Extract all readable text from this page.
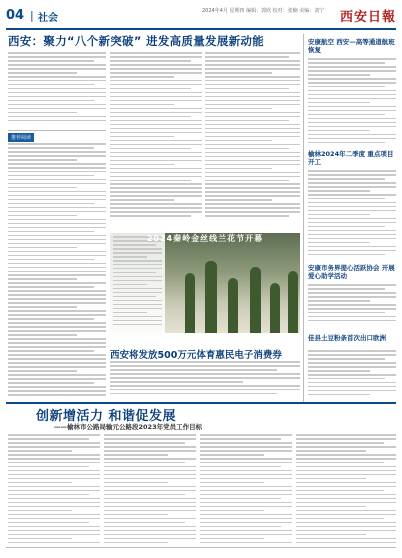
04 | 社会
2024年4月 星期四 编辑：郭欣 校对：张楠 美编：刘宁	西安日報
西安：聚力“八个新突破” 进发高质量发展新动能
推荐阅读
2024秦岭金丝线兰花节开幕
西安将发放500万元体育惠民电子消费券
安康航空 西安—高等通道航班恢复
榆林2024年二季度 重点项目开工
安康市务界提心活跃协会 开展爱心助学活动
佳县土豆粉条首次出口欧洲
创新增活力 和谐促发展
——榆林市公路局输元公路段2023年党员工作目标
